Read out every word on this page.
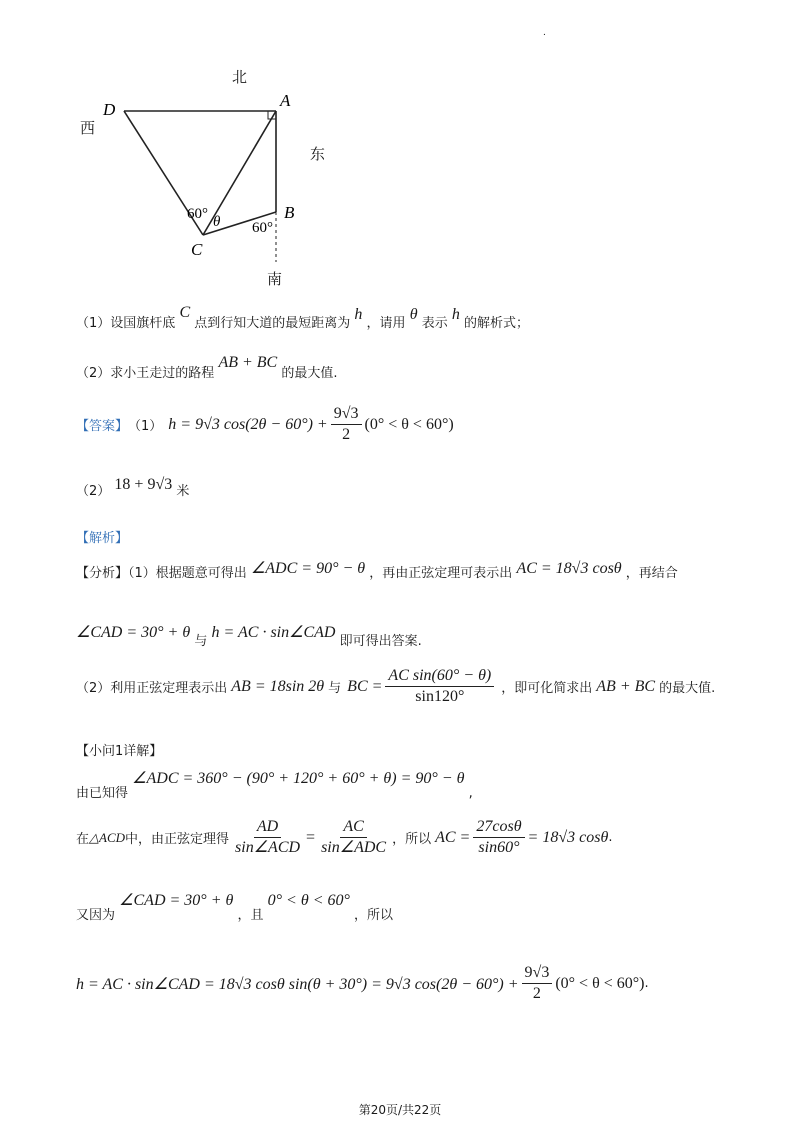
.
北
西
东
南
D	A
B
C
60° θ 60°
（1）设国旗杆底 C 点到行知大道的最短距离为 h ，请用 θ 表示 h 的解析式；
（2）求小王走过的路程 AB + BC 的最大值.
【答案】 （1） h = 9√3 $\cos(2\theta - 60^\circ) + \frac{9√3}{2} (0^\circ < \theta < 60^\circ)$
（2） 18 + 9√3 米
【解析】
【分析】（1）根据题意可得出 ∠ADC = 90° − θ ，再由正弦定理可表示出 AC = 18√3 cosθ ，再结合
∠CAD = 30° + θ 与 h = AC · sin∠CAD 即可得出答案.
（2）利用正弦定理表示出 AB = 18sin 2θ 与 BC = $\frac{\text{AC sin(60° − θ)}}{\sin 120^\circ}$ ，即可化简求出 AB + BC 的最大值.
【小问1详解】
由已知得 ∠ADC = 360° − (90° + 120° + 60° + θ) = 90° − θ ,
在 △ACD 中，由正弦定理得 $\frac{AD}{\text{sin∠ACD}} = \frac{AC}{\text{sin∠ADC}}$ ，所以 AC = $\frac{27\cos\theta}{\sin 60^\circ} = 18√3$ cosθ .
又因为 ∠CAD = 30° + θ ，且 0° < θ < 60° ，所以
h = AC · sin∠CAD = 18√3 cosθ sin(θ + 30°) = 9√3 $\cos(2\theta - 60^\circ) + \frac{9√3}{2} (0^\circ < \theta < 60^\circ)$ .
第20页/共22页
